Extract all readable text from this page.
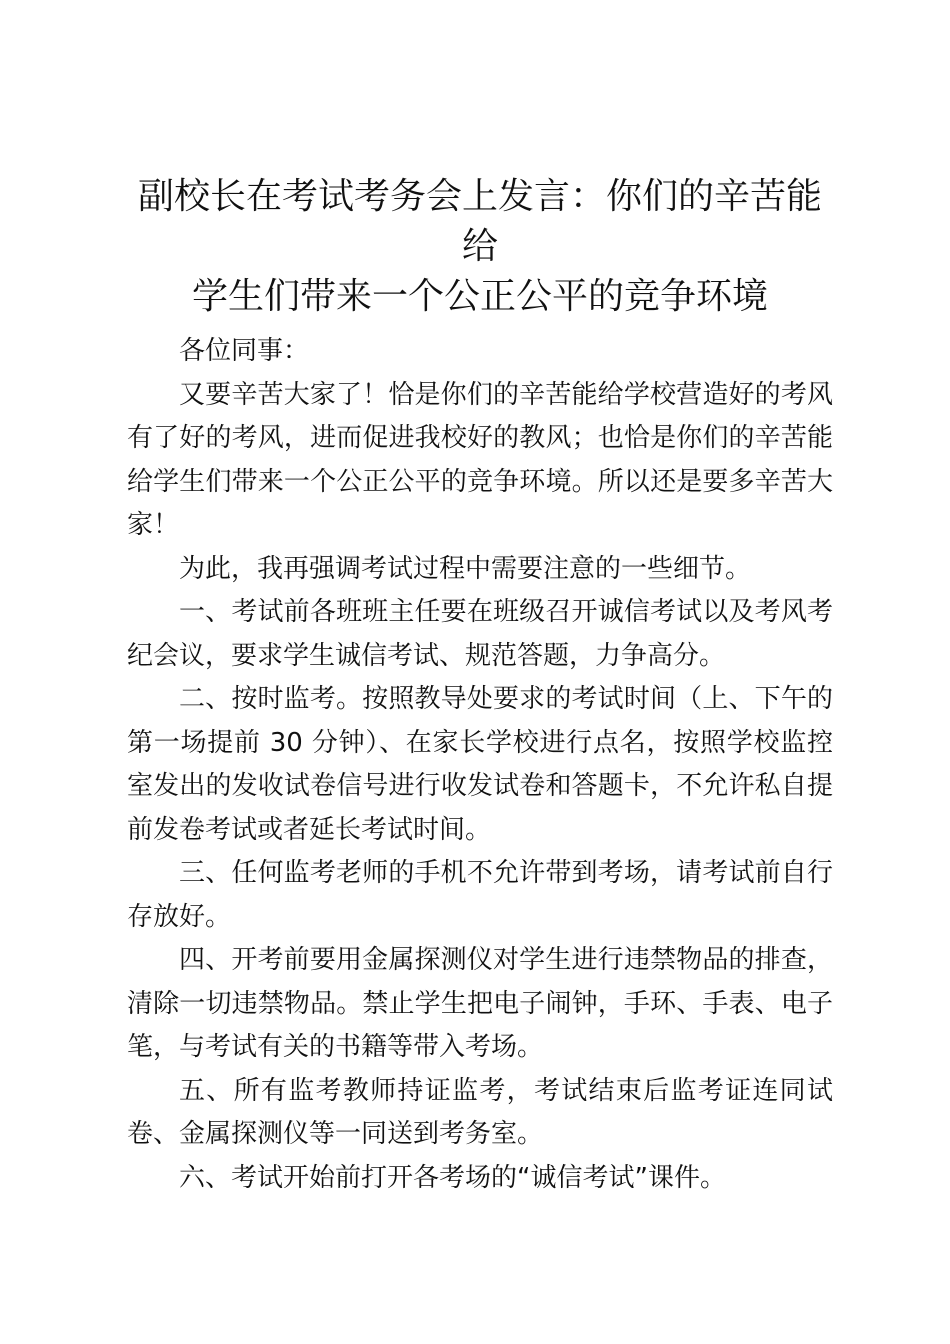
副校长在考试考务会上发言：你们的辛苦能给
学生们带来一个公正公平的竞争环境

各位同事：

又要辛苦大家了！恰是你们的辛苦能给学校营造好的考风有了好的考风，进而促进我校好的教风；也恰是你们的辛苦能给学生们带来一个公正公平的竞争环境。所以还是要多辛苦大家！

为此，我再强调考试过程中需要注意的一些细节。

一、考试前各班班主任要在班级召开诚信考试以及考风考纪会议，要求学生诚信考试、规范答题，力争高分。

二、按时监考。按照教导处要求的考试时间（上、下午的第一场提前 30 分钟）、在家长学校进行点名，按照学校监控室发出的发收试卷信号进行收发试卷和答题卡，不允许私自提前发卷考试或者延长考试时间。

三、任何监考老师的手机不允许带到考场，请考试前自行存放好。

四、开考前要用金属探测仪对学生进行违禁物品的排查，清除一切违禁物品。禁止学生把电子闹钟，手环、手表、电子笔，与考试有关的书籍等带入考场。

五、所有监考教师持证监考，考试结束后监考证连同试卷、金属探测仪等一同送到考务室。

六、考试开始前打开各考场的“诚信考试”课件。
